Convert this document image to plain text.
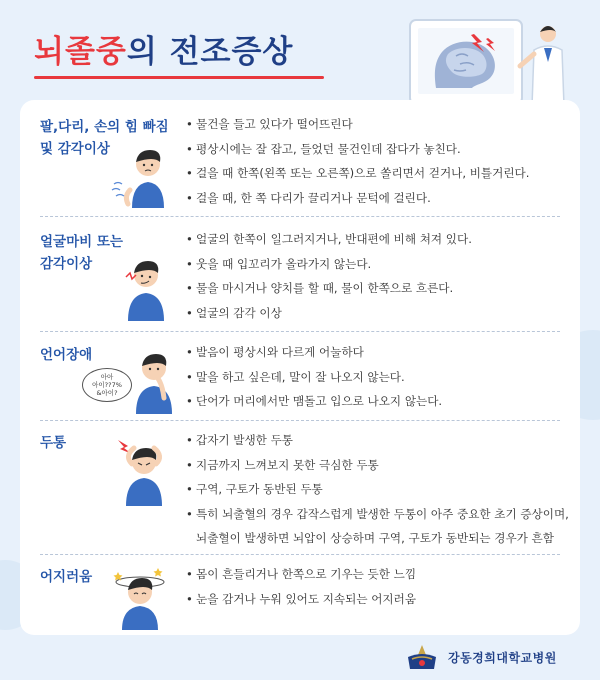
뇌졸중의 전조증상
팔,다리, 손의 힘 빠짐
및 감각이상
• 물건을 들고 있다가 떨어뜨린다
• 평상시에는 잘 잡고, 들었던 물건인데 잡다가 놓친다.
• 걸을 때 한쪽(왼쪽 또는 오른쪽)으로 쏠리면서 걷거나, 비틀거린다.
• 걸을 때, 한 쪽 다리가 끌리거나 문턱에 걸린다.
얼굴마비 또는
감각이상
• 얼굴의 한쪽이 일그러지거나, 반대편에 비해 쳐져 있다.
• 웃을 때 입꼬리가 올라가지 않는다.
• 물을 마시거나 양치를 할 때, 물이 한쪽으로 흐른다.
• 얼굴의 감각 이상
언어장애
아아
아이??7%
&아이?
• 발음이 평상시와 다르게 어눌하다
• 말을 하고 싶은데, 말이 잘 나오지 않는다.
• 단어가 머리에서만 맴돌고 입으로 나오지 않는다.
두통	• 갑자기 발생한 두통
• 지금까지 느껴보지 못한 극심한 두통
• 구역, 구토가 동반된 두통
• 특히 뇌출혈의 경우 갑작스럽게 발생한 두통이 아주 중요한 초기 증상이며,
뇌출혈이 발생하면 뇌압이 상승하며 구역, 구토가 동반되는 경우가 흔함
어지러움	• 몸이 흔들리거나 한쪽으로 기우는 듯한 느낌
• 눈을 감거나 누워 있어도 지속되는 어지러움
강동경희대학교병원
